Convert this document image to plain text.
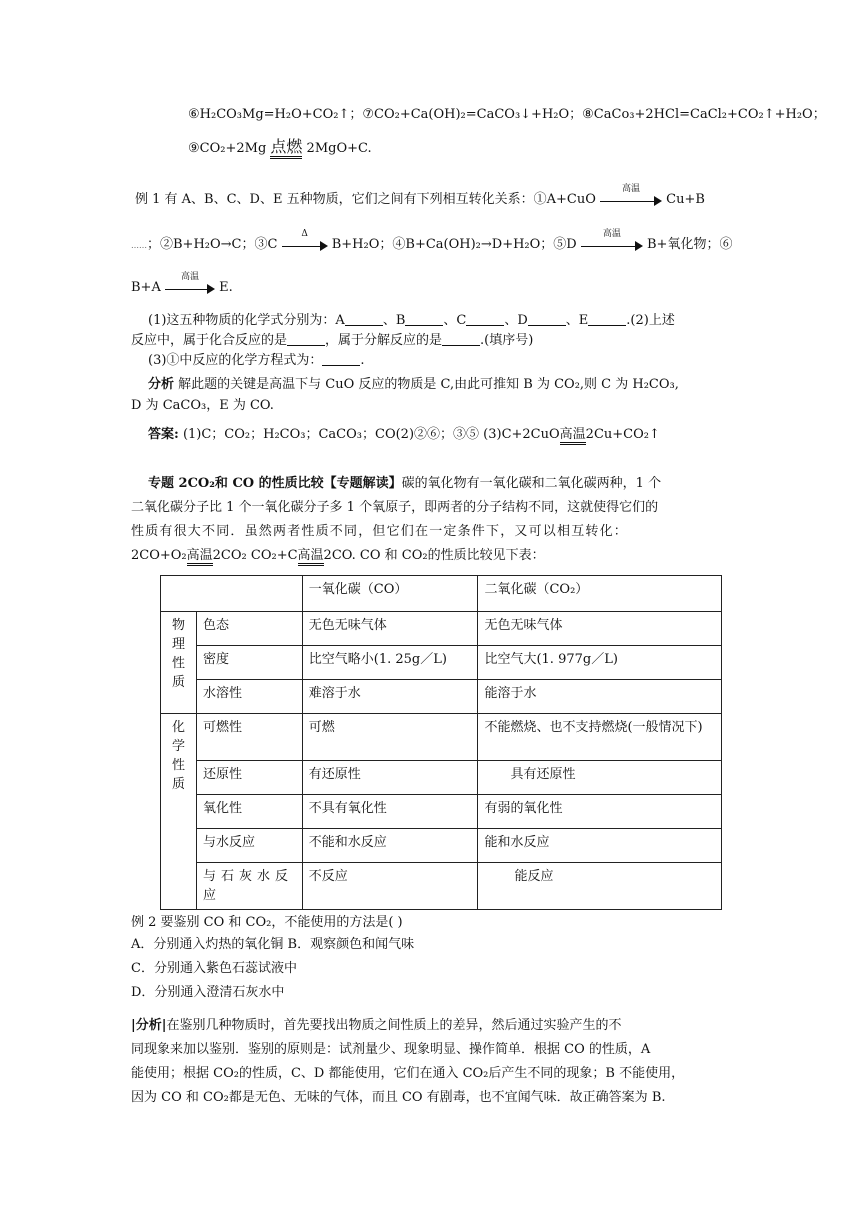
⑥H₂CO₃Mg=H₂O+CO₂↑；⑦CO₂+Ca(OH)₂=CaCO₃↓+H₂O；⑧CaCo₃+2HCl=CaCl₂+CO₂↑+H₂O；
⑨CO₂+2Mg 点燃 2MgO+C.
例 1 有 A、B、C、D、E 五种物质，它们之间有下列相互转化关系：①A+CuO
高温
Cu+B
……；②B+H₂O→C；③C
Δ
B+H₂O；④B+Ca(OH)₂→D+H₂O；⑤D
高温
B+氧化物；⑥
B+A
高温
E.
(1)这五种物质的化学式分别为：A	、B	、C	、D	、E	.(2)上述
反应中，属于化合反应的是	，属于分解反应的是	.(填序号)
(3)①中反应的化学方程式为：	.
分析 解此题的关键是高温下与 CuO 反应的物质是 C,由此可推知 B 为 CO₂,则 C 为 H₂CO₃,
D 为 CaCO₃，E 为 CO.
答案: (1)C；CO₂；H₂CO₃；CaCO₃；CO(2)②⑥；③⑤ (3)C+2CuO高温2Cu+CO₂↑
专题 2CO₂和 CO 的性质比较【专题解读】碳的氧化物有一氧化碳和二氧化碳两种，1 个
二氧化碳分子比 1 个一氧化碳分子多 1 个氧原子，即两者的分子结构不同，这就使得它们的
性质有很大不同．虽然两者性质不同，但它们在一定条件下，又可以相互转化：
2CO+O₂高温2CO₂ CO₂+C高温2CO. CO 和 CO₂的性质比较见下表：
		一氧化碳（CO）	二氧化碳（CO₂）
物
理
性
质	色态	无色无味气体	无色无味气体
	密度	比空气略小(1. 25g／L)	比空气大(1. 977g／L)
	水溶性	难溶于水	能溶于水
化
学
性
质	可燃性	可燃	不能燃烧、也不支持燃烧(一般情况下)
	还原性	有还原性	具有还原性
	氧化性	不具有氧化性	有弱的氧化性
	与水反应	不能和水反应	能和水反应
	与石灰水反应	不反应	能反应
例 2 要鉴别 CO 和 CO₂，不能使用的方法是( )
A．分别通入灼热的氧化铜 B．观察颜色和闻气味
C．分别通入紫色石蕊试液中
D．分别通入澄清石灰水中
|分析|在鉴别几种物质时，首先要找出物质之间性质上的差异，然后通过实验产生的不
同现象来加以鉴别．鉴别的原则是：试剂量少、现象明显、操作简单．根据 CO 的性质，A
能使用；根据 CO₂的性质，C、D 都能使用，它们在通入 CO₂后产生不同的现象；B 不能使用，
因为 CO 和 CO₂都是无色、无味的气体，而且 CO 有剧毒，也不宜闻气味．故正确答案为 B.
